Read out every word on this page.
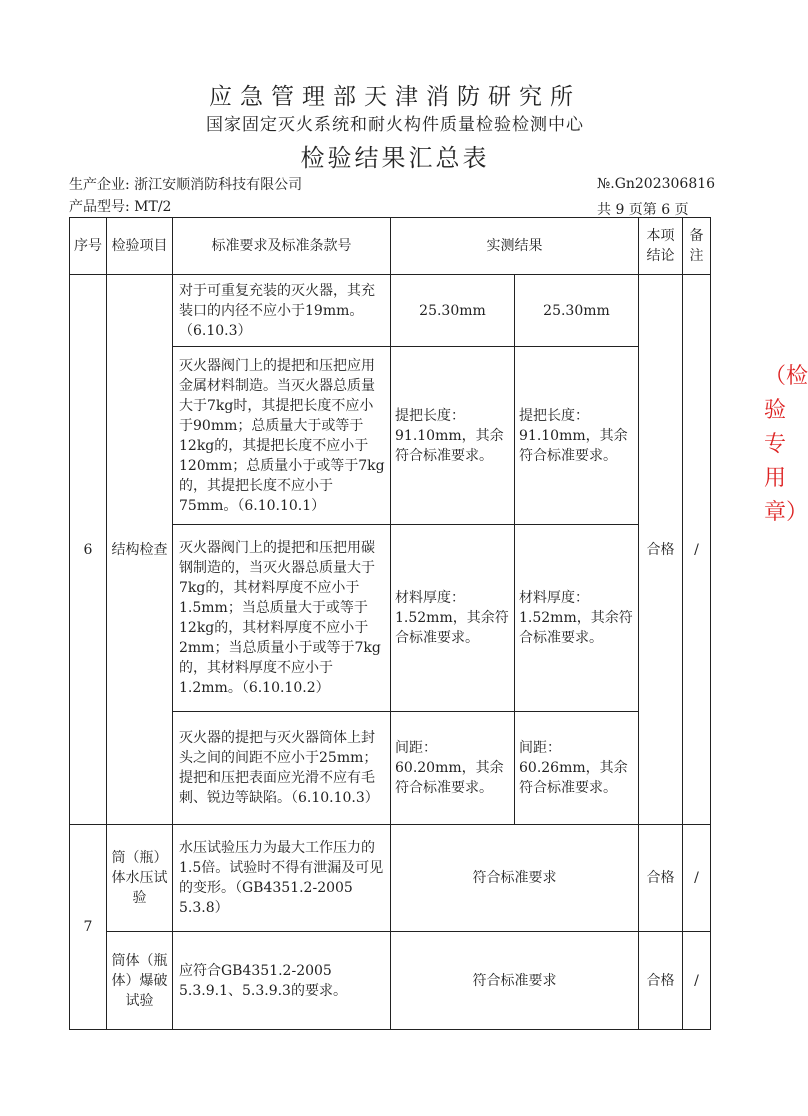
应急管理部天津消防研究所
国家固定灭火系统和耐火构件质量检验检测中心
检验结果汇总表
生产企业: 浙江安顺消防科技有限公司	№.Gn202306816
产品型号: MT/2	共 9 页第 6 页
序号	检验项目	标准要求及标准条款号	实测结果		本项结论	备注
6	结构检查	对于可重复充装的灭火器，其充装口的内径不应小于19mm。（6.10.3）	25.30mm	25.30mm	合格	/
		灭火器阀门上的提把和压把应用金属材料制造。当灭火器总质量大于7kg时，其提把长度不应小于90mm；总质量大于或等于12kg的，其提把长度不应小于120mm；总质量小于或等于7kg的，其提把长度不应小于75mm。（6.10.10.1）	提把长度：91.10mm，其余符合标准要求。	提把长度：91.10mm，其余符合标准要求。		
		灭火器阀门上的提把和压把用碳钢制造的，当灭火器总质量大于7kg的，其材料厚度不应小于1.5mm；当总质量大于或等于12kg的，其材料厚度不应小于2mm；当总质量小于或等于7kg的，其材料厚度不应小于1.2mm。（6.10.10.2）	材料厚度：1.52mm，其余符合标准要求。	材料厚度：1.52mm，其余符合标准要求。		
		灭火器的提把与灭火器筒体上封头之间的间距不应小于25mm；提把和压把表面应光滑不应有毛刺、锐边等缺陷。（6.10.10.3）	间距：60.20mm，其余符合标准要求。	间距：60.26mm，其余符合标准要求。		
7	筒（瓶）体水压试验	水压试验压力为最大工作压力的1.5倍。试验时不得有泄漏及可见的变形。（GB4351.2-2005 5.3.8）	符合标准要求		合格	/
	筒体（瓶体）爆破试验	应符合GB4351.2-2005 5.3.9.1、5.3.9.3的要求。	符合标准要求		合格	/
（检验专用章）
